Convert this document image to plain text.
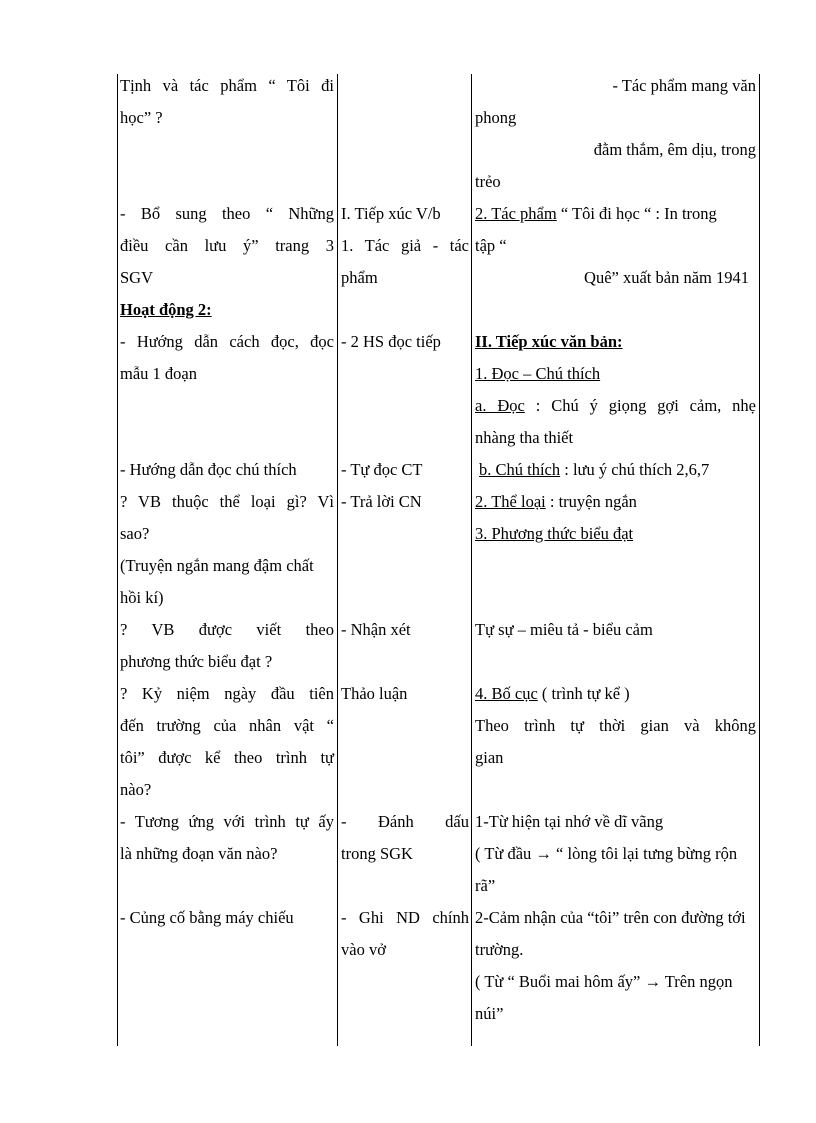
Tịnh và tác phẩm “ Tôi đi
học” ?
- Bổ sung theo “ Những
điều cần lưu ý” trang 3
SGV
Hoạt động 2:
- Hướng dẫn cách đọc, đọc
mẫu 1 đoạn
- Hướng dẫn đọc chú thích
? VB thuộc thể loại gì? Vì
sao?
(Truyện ngắn mang đậm chất
hồi kí)
? VB được viết theo
phương thức biểu đạt ?
? Kỷ niệm ngày đầu tiên
đến trường của nhân vật “
tôi” được kể theo trình tự
nào?
- Tương ứng với trình tự ấy
là những đoạn văn nào?
- Củng cố bằng máy chiếu
I. Tiếp xúc V/b
1. Tác giả - tác
phẩm
- 2 HS đọc tiếp
- Tự đọc CT
- Trả lời CN
- Nhận xét
Thảo luận
- Đánh dấu
trong SGK
- Ghi ND chính
vào vở
- Tác phẩm mang văn
phong
đằm thắm, êm dịu, trong
trẻo
2. Tác phẩm “ Tôi đi học “ : In trong
tập “
Quê” xuất bản năm 1941
II. Tiếp xúc văn bản:
1. Đọc – Chú thích
a. Đọc : Chú ý giọng gợi cảm, nhẹ
nhàng tha thiết
b. Chú thích : lưu ý chú thích 2,6,7
2. Thể loại : truyện ngắn
3. Phương thức biểu đạt
Tự sự – miêu tả - biểu cảm
4. Bố cục ( trình tự kể )
Theo trình tự thời gian và không
gian
1-Từ hiện tại nhớ về dĩ vãng
( Từ đầu → “ lòng tôi lại tưng bừng rộn
rã”
2-Cảm nhận của “tôi” trên con đường tới
trường.
( Từ “ Buổi mai hôm ấy” → Trên ngọn
núi”
